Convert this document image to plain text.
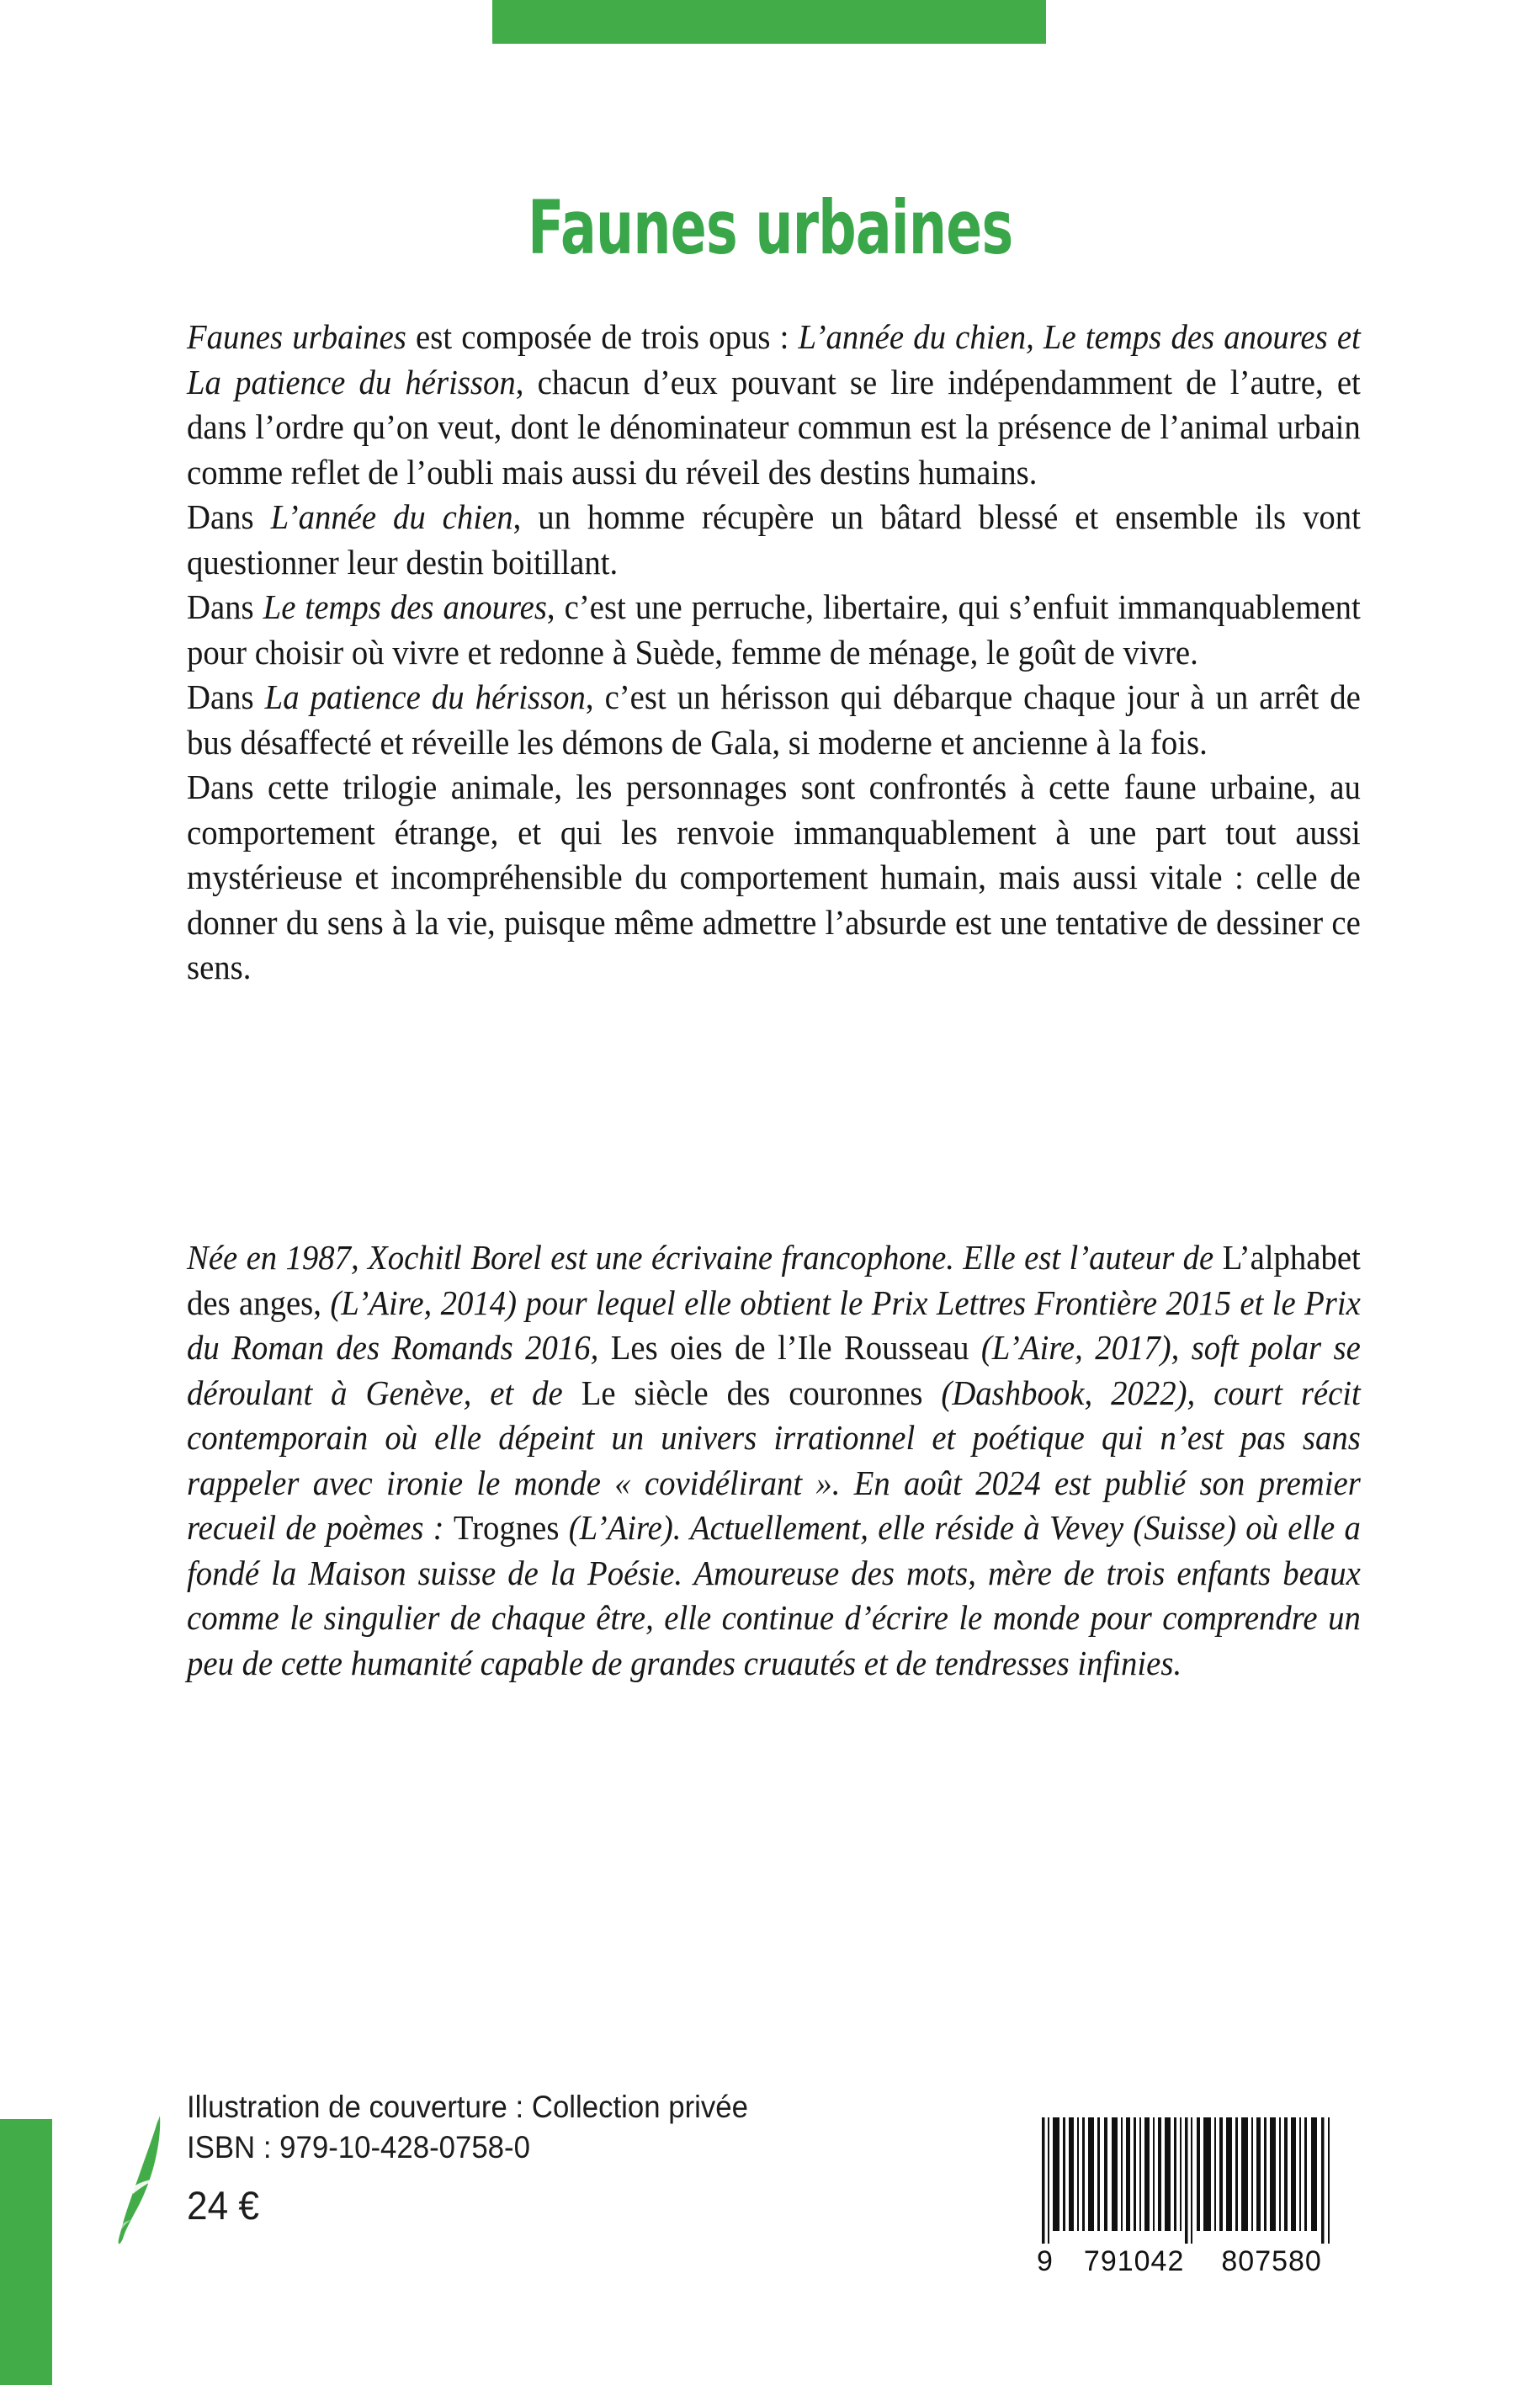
Faunes urbaines

Faunes urbaines est composée de trois opus : L’année du chien, Le temps des anoures et La patience du hérisson, chacun d’eux pouvant se lire indépendamment de l’autre, et dans l’ordre qu’on veut, dont le dénominateur commun est la présence de l’animal urbain comme reflet de l’oubli mais aussi du réveil des destins humains.

Dans L’année du chien, un homme récupère un bâtard blessé et ensemble ils vont questionner leur destin boitillant.

Dans Le temps des anoures, c’est une perruche, libertaire, qui s’enfuit immanquablement pour choisir où vivre et redonne à Suède, femme de ménage, le goût de vivre.

Dans La patience du hérisson, c’est un hérisson qui débarque chaque jour à un arrêt de bus désaffecté et réveille les démons de Gala, si moderne et ancienne à la fois.

Dans cette trilogie animale, les personnages sont confrontés à cette faune urbaine, au comportement étrange, et qui les renvoie immanquablement à une part tout aussi mystérieuse et incompréhensible du comportement humain, mais aussi vitale : celle de donner du sens à la vie, puisque même admettre l’absurde est une tentative de dessiner ce sens.

Née en 1987, Xochitl Borel est une écrivaine francophone. Elle est l’auteur de L’alphabet des anges, (L’Aire, 2014) pour lequel elle obtient le Prix Lettres Frontière 2015 et le Prix du Roman des Romands 2016, Les oies de l’Ile Rousseau (L’Aire, 2017), soft polar se déroulant à Genève, et de Le siècle des couronnes (Dashbook, 2022), court récit contemporain où elle dépeint un univers irrationnel et poétique qui n’est pas sans rappeler avec ironie le monde « covidélirant ». En août 2024 est publié son premier recueil de poèmes : Trognes (L’Aire). Actuellement, elle réside à Vevey (Suisse) où elle a fondé la Maison suisse de la Poésie. Amoureuse des mots, mère de trois enfants beaux comme le singulier de chaque être, elle continue d’écrire le monde pour comprendre un peu de cette humanité capable de grandes cruautés et de tendresses infinies.

Illustration de couverture : Collection privée
ISBN : 979-10-428-0758-0
24 €
9 791042 807580
